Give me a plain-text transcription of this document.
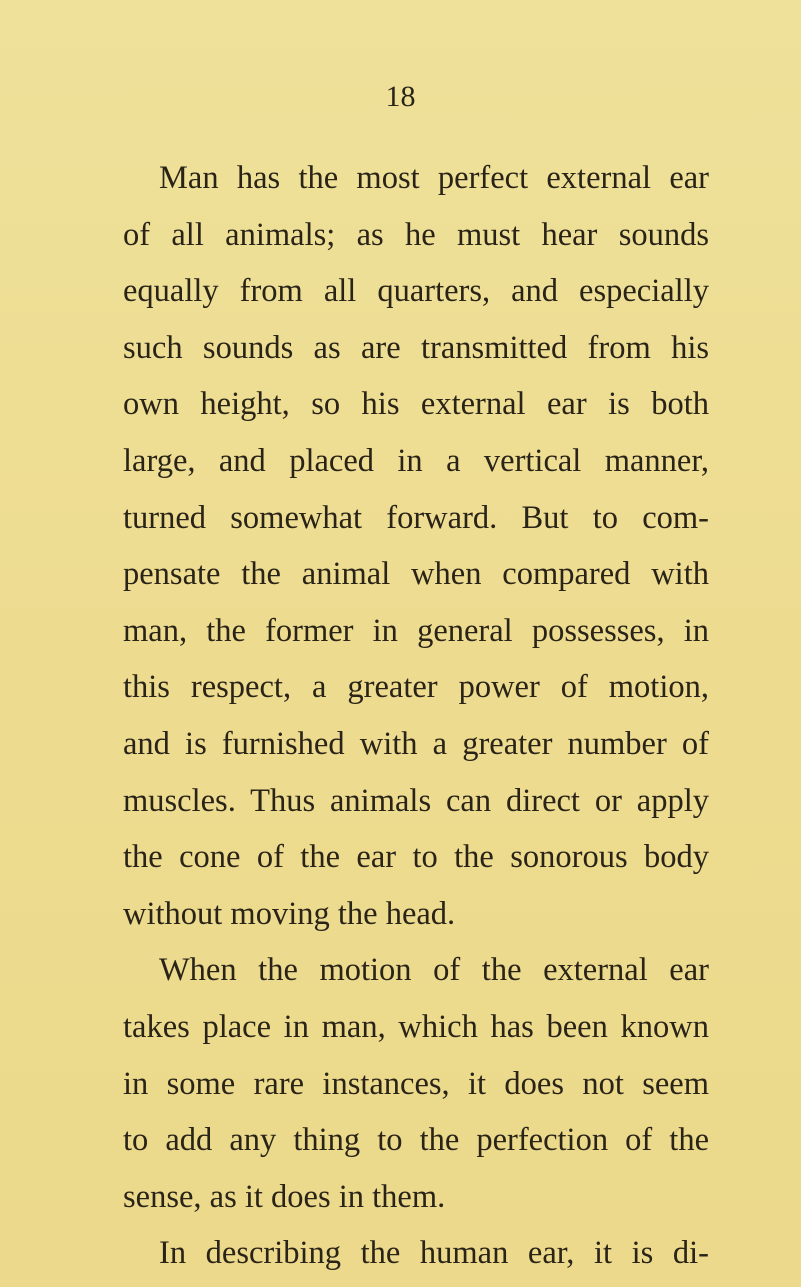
18
Man has the most perfect external ear
of all animals; as he must hear sounds
equally from all quarters, and especially
such sounds as are transmitted from his
own height, so his external ear is both
large, and placed in a vertical manner,
turned somewhat forward. But to com-
pensate the animal when compared with
man, the former in general possesses, in
this respect, a greater power of motion,
and is furnished with a greater number of
muscles. Thus animals can direct or apply
the cone of the ear to the sonorous body
without moving the head.
When the motion of the external ear
takes place in man, which has been known
in some rare instances, it does not seem
to add any thing to the perfection of the
sense, as it does in them.
In describing the human ear, it is di-
